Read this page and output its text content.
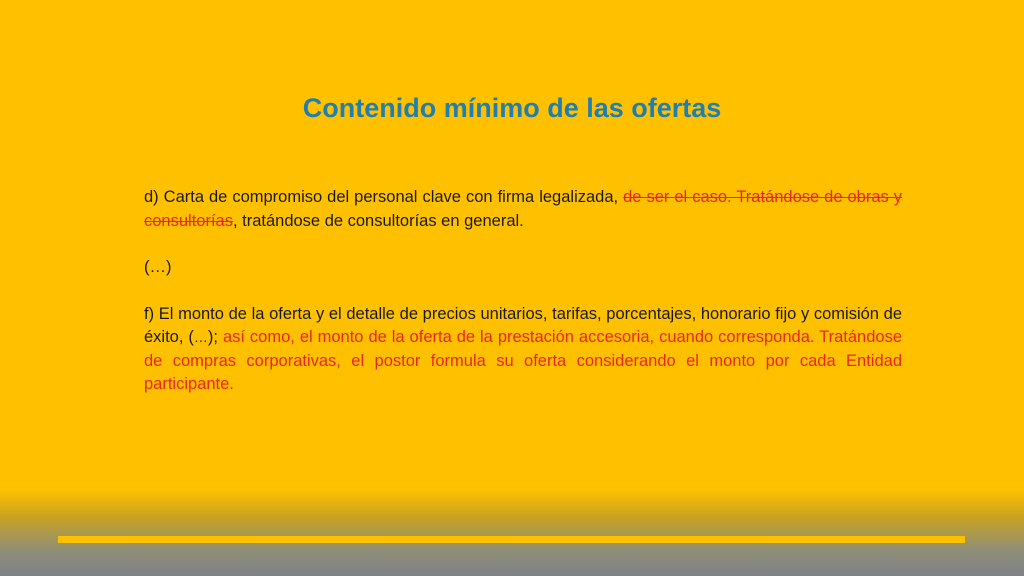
Contenido mínimo de las ofertas

d) Carta de compromiso del personal clave con firma legalizada, de ser el caso. Tratándose de obras y consultorías, tratándose de consultorías en general.

(…)

f) El monto de la oferta y el detalle de precios unitarios, tarifas, porcentajes, honorario fijo y comisión de éxito, (…); así como, el monto de la oferta de la prestación accesoria, cuando corresponda. Tratándose de compras corporativas, el postor formula su oferta considerando el monto por cada Entidad participante.
